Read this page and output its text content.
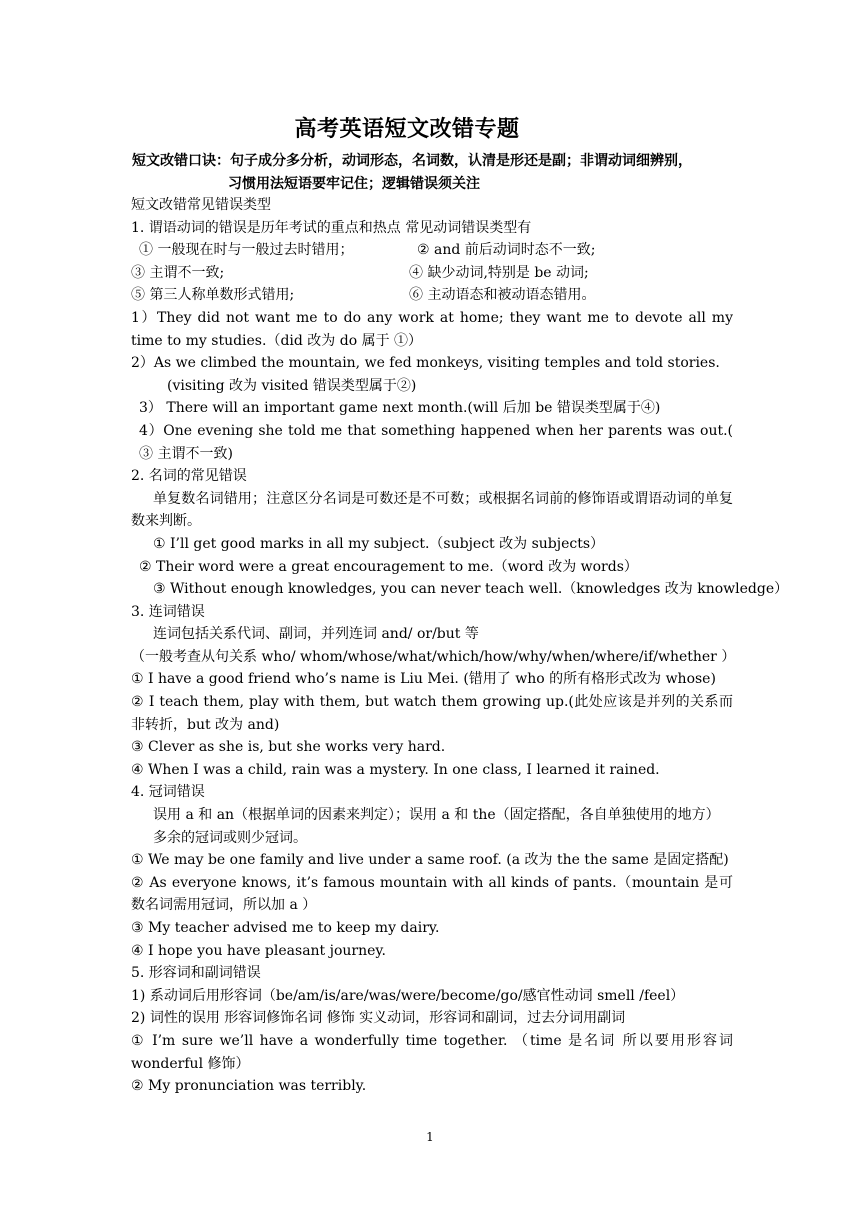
高考英语短文改错专题
短文改错口诀：句子成分多分析，动词形态，名词数，认清是形还是副；非谓动词细辨别，
习惯用法短语要牢记住；逻辑错误须关注
短文改错常见错误类型
1. 谓语动词的错误是历年考试的重点和热点 常见动词错误类型有
① 一般现在时与一般过去时错用；	② and 前后动词时态不一致;
③ 主谓不一致;	④ 缺少动词,特别是 be 动词;
⑤ 第三人称单数形式错用;	⑥ 主动语态和被动语态错用。
1）They did not want me to do any work at home; they want me to devote all my time to my studies.（did 改为 do 属于 ①）
2）As we climbed the mountain, we fed monkeys, visiting temples and told stories.
(visiting 改为 visited 错误类型属于②)
3） There will an important game next month.(will 后加 be 错误类型属于④)
4）One evening she told me that something happened when her parents was out.( ③ 主谓不一致)
2. 名词的常见错误
单复数名词错用；注意区分名词是可数还是不可数；或根据名词前的修饰语或谓语动词的单复数来判断。
① I’ll get good marks in all my subject.（subject 改为 subjects）
② Their word were a great encouragement to me.（word 改为 words）
③ Without enough knowledges, you can never teach well.（knowledges 改为 knowledge）
3. 连词错误
连词包括关系代词、副词，并列连词 and/ or/but 等
（一般考查从句关系 who/ whom/whose/what/which/how/why/when/where/if/whether ）
① I have a good friend who’s name is Liu Mei. (错用了 who 的所有格形式改为 whose)
② I teach them, play with them, but watch them growing up.(此处应该是并列的关系而非转折，but 改为 and)
③ Clever as she is, but she works very hard.
④ When I was a child, rain was a mystery. In one class, I learned it rained.
4. 冠词错误
误用 a 和 an（根据单词的因素来判定）；误用 a 和 the（固定搭配，各自单独使用的地方）
多余的冠词或则少冠词。
① We may be one family and live under a same roof. (a 改为 the the same 是固定搭配)
② As everyone knows, it’s famous mountain with all kinds of pants.（mountain 是可数名词需用冠词，所以加 a ）
③ My teacher advised me to keep my dairy.
④ I hope you have pleasant journey.
5. 形容词和副词错误
1) 系动词后用形容词（be/am/is/are/was/were/become/go/感官性动词 smell /feel）
2) 词性的误用 形容词修饰名词 修饰 实义动词，形容词和副词，过去分词用副词
① I’m sure we’ll have a wonderfully time together. （time 是名词 所以要用形容词 wonderful 修饰）
② My pronunciation was terribly.
1
